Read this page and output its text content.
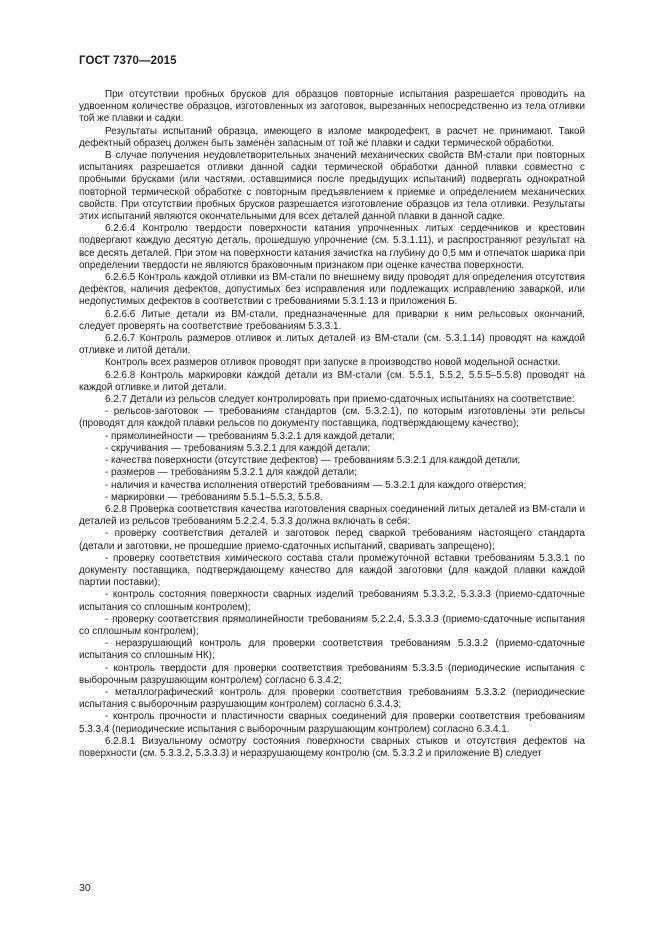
ГОСТ 7370—2015

При отсутствии пробных брусков для образцов повторные испытания разрешается проводить на удвоенном количестве образцов, изготовленных из заготовок, вырезанных непосредственно из тела отливки той же плавки и садки.

Результаты испытаний образца, имеющего в изломе макродефект, в расчет не принимают. Такой дефектный образец должен быть заменен запасным от той же плавки и садки термической обработки.

В случае получения неудовлетворительных значений механических свойств ВМ-стали при повторных испытаниях разрешается отливки данной садки термической обработки данной плавки совместно с пробными брусками (или частями, оставшимися после предыдущих испытаний) подвергать однократной повторной термической обработке с повторным предъявлением к приемке и определением механических свойств. При отсутствии пробных брусков разрешается изготовление образцов из тела отливки. Результаты этих испытаний являются окончательными для всех деталей данной плавки в данной садке.

6.2.6.4 Контролю твердости поверхности катания упрочненных литых сердечников и крестовин подвергают каждую десятую деталь, прошедшую упрочнение (см. 5.3.1.11), и распространяют результат на все десять деталей. При этом на поверхности катания зачистка на глубину до 0,5 мм и отпечаток шарика при определении твердости не являются браковочным признаком при оценке качества поверхности.

6.2.6.5 Контроль каждой отливки из ВМ-стали по внешнему виду проводят для определения отсутствия дефектов, наличия дефектов, допустимых без исправления или подлежащих исправлению заваркой, или недопустимых дефектов в соответствии с требованиями 5.3.1.13 и приложения Б.

6.2.6.6 Литые детали из ВМ-стали, предназначенные для приварки к ним рельсовых окончаний, следует проверять на соответствие требованиям 5.3.3.1.

6.2.6.7 Контроль размеров отливок и литых деталей из ВМ-стали (см. 5.3.1.14) проводят на каждой отливке и литой детали.

Контроль всех размеров отливок проводят при запуске в производство новой модельной оснастки.

6.2.6.8 Контроль маркировки каждой детали из ВМ-стали (см. 5.5.1, 5.5.2, 5.5.5–5.5.8) проводят на каждой отливке и литой детали.

6.2.7 Детали из рельсов следует контролировать при приемо-сдаточных испытаниях на соответствие:

- рельсов-заготовок — требованиям стандартов (см. 5.3.2.1), по которым изготовлены эти рельсы (проводят для каждой плавки рельсов по документу поставщика, подтверждающему качество);

- прямолинейности — требованиям 5.3.2.1 для каждой детали;

- скручивания — требованиям 5.3.2.1 для каждой детали;

- качества поверхности (отсутствие дефектов) — требованиям 5.3.2.1 для каждой детали;

- размеров — требованиям 5.3.2.1 для каждой детали;

- наличия и качества исполнения отверстий требованиям — 5.3.2.1 для каждого отверстия;

- маркировки — требованиям 5.5.1–5.5.3, 5.5.8.

6.2.8 Проверка соответствия качества изготовления сварных соединений литых деталей из ВМ-стали и деталей из рельсов требованиям 5.2.2.4, 5.3.3 должна включать в себя:

- проверку соответствия деталей и заготовок перед сваркой требованиям настоящего стандарта (детали и заготовки, не прошедшие приемо-сдаточных испытаний, сваривать запрещено);

- проверку соответствия химического состава стали промежуточной вставки требованиям 5.3.3.1 по документу поставщика, подтверждающему качество для каждой заготовки (для каждой плавки каждой партии поставки);

- контроль состояния поверхности сварных изделий требованиям 5.3.3.2, 5.3.3.3 (приемо-сдаточные испытания со сплошным контролем);

- проверку соответствия прямолинейности требованиям 5.2.2.4, 5.3.3.3 (приемо-сдаточные испытания со сплошным контролем);

- неразрушающий контроль для проверки соответствия требованиям 5.3.3.2 (приемо-сдаточные испытания со сплошным НК);

- контроль твердости для проверки соответствия требованиям 5.3.3.5 (периодические испытания с выборочным разрушающим контролем) согласно 6.3.4.2;

- металлографический контроль для проверки соответствия требованиям 5.3.3.2 (периодические испытания с выборочным разрушающим контролем) согласно 6.3.4.3;

- контроль прочности и пластичности сварных соединений для проверки соответствия требованиям 5.3.3.4 (периодические испытания с выборочным разрушающим контролем) согласно 6.3.4.1.

6.2.8.1 Визуальному осмотру состояния поверхности сварных стыков и отсутствия дефектов на поверхности (см. 5.3.3.2, 5.3.3.3) и неразрушающему контролю (см. 5.3.3.2 и приложение В) следует

30
